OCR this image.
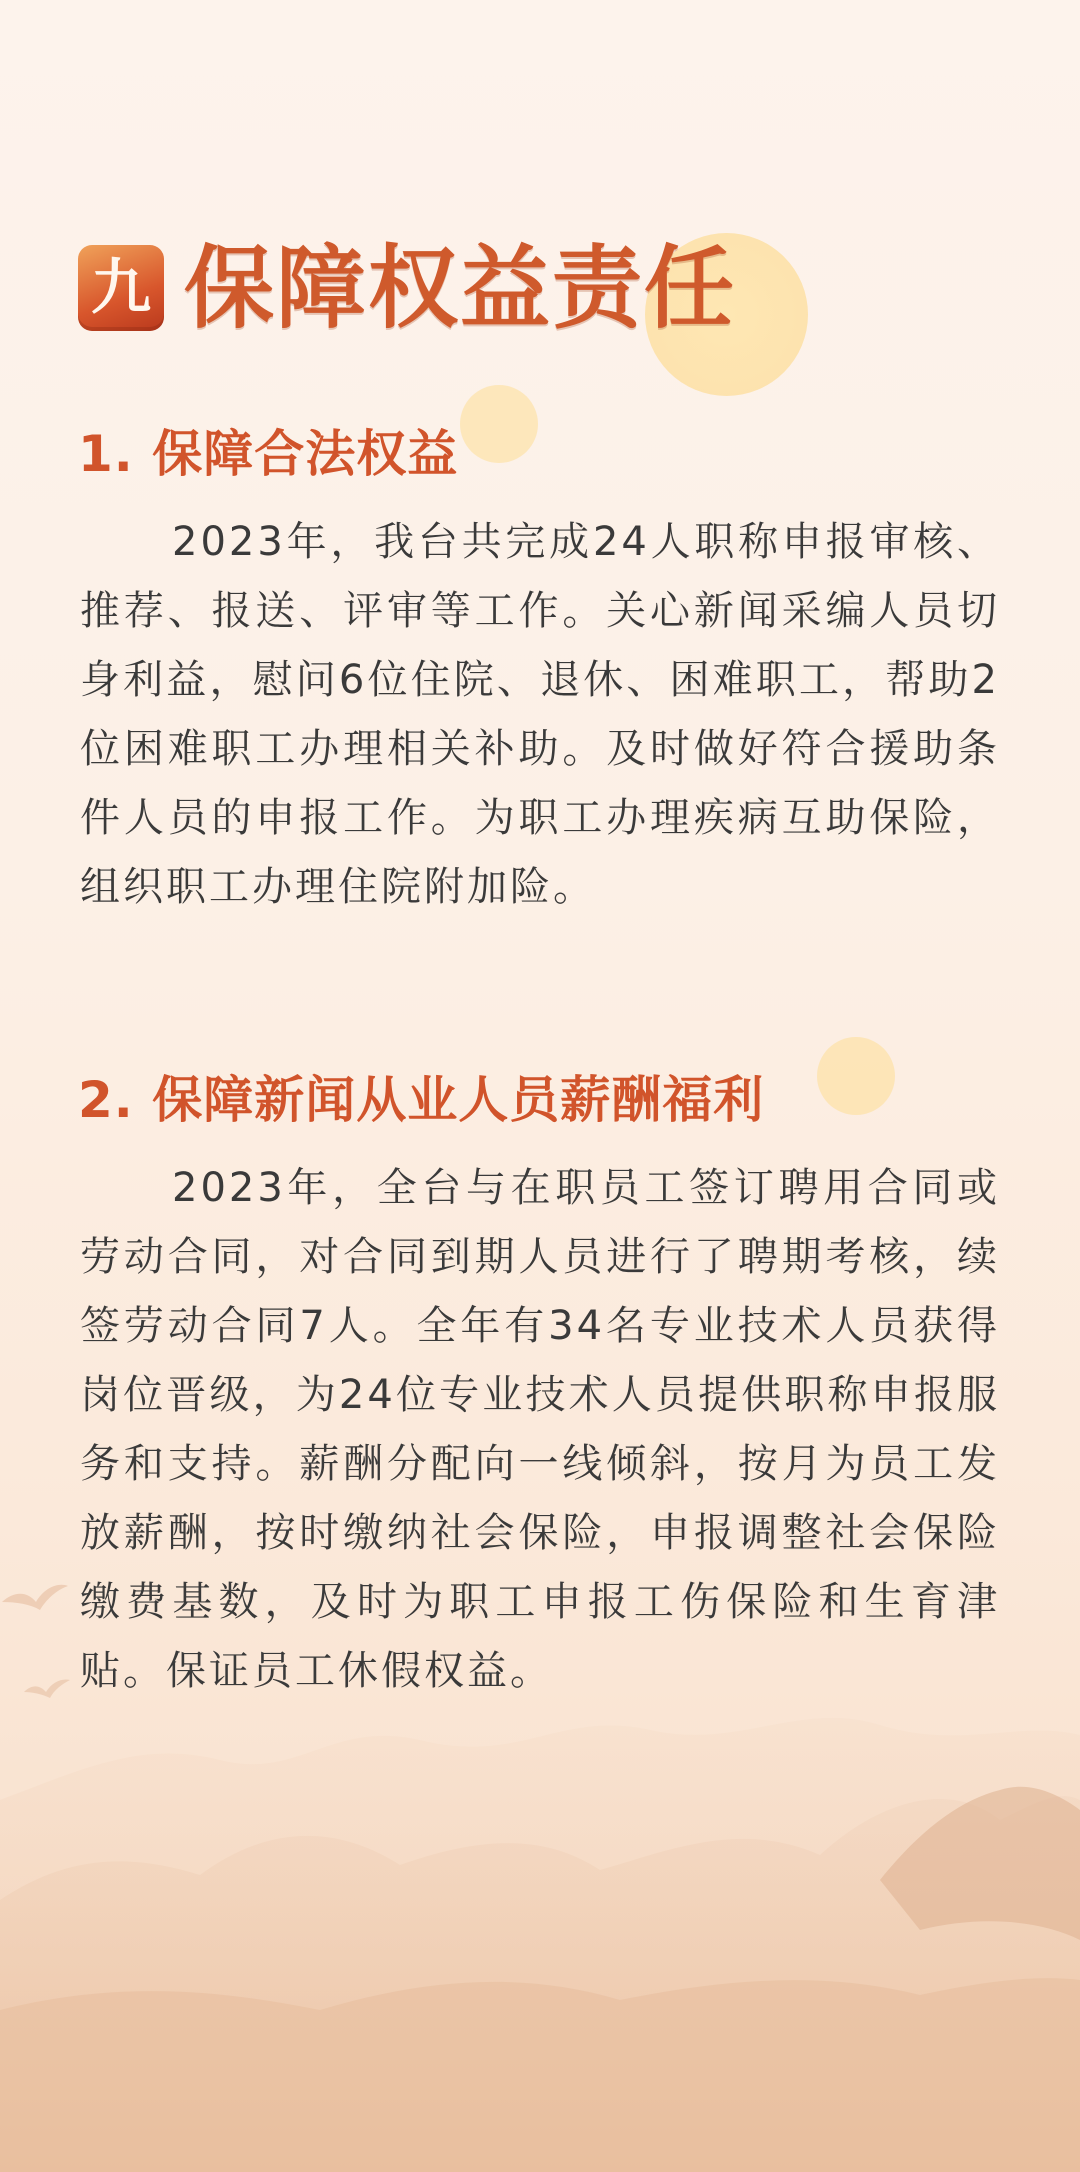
九 保障权益责任
1. 保障合法权益

2023年，我台共完成24人职称申报审核、推荐、报送、评审等工作。关心新闻采编人员切身利益，慰问6位住院、退休、困难职工，帮助2位困难职工办理相关补助。及时做好符合援助条件人员的申报工作。为职工办理疾病互助保险，组织职工办理住院附加险。

2. 保障新闻从业人员薪酬福利

2023年，全台与在职员工签订聘用合同或劳动合同，对合同到期人员进行了聘期考核，续签劳动合同7人。全年有34名专业技术人员获得岗位晋级，为24位专业技术人员提供职称申报服务和支持。薪酬分配向一线倾斜，按月为员工发放薪酬，按时缴纳社会保险，申报调整社会保险缴费基数，及时为职工申报工伤保险和生育津贴。保证员工休假权益。
